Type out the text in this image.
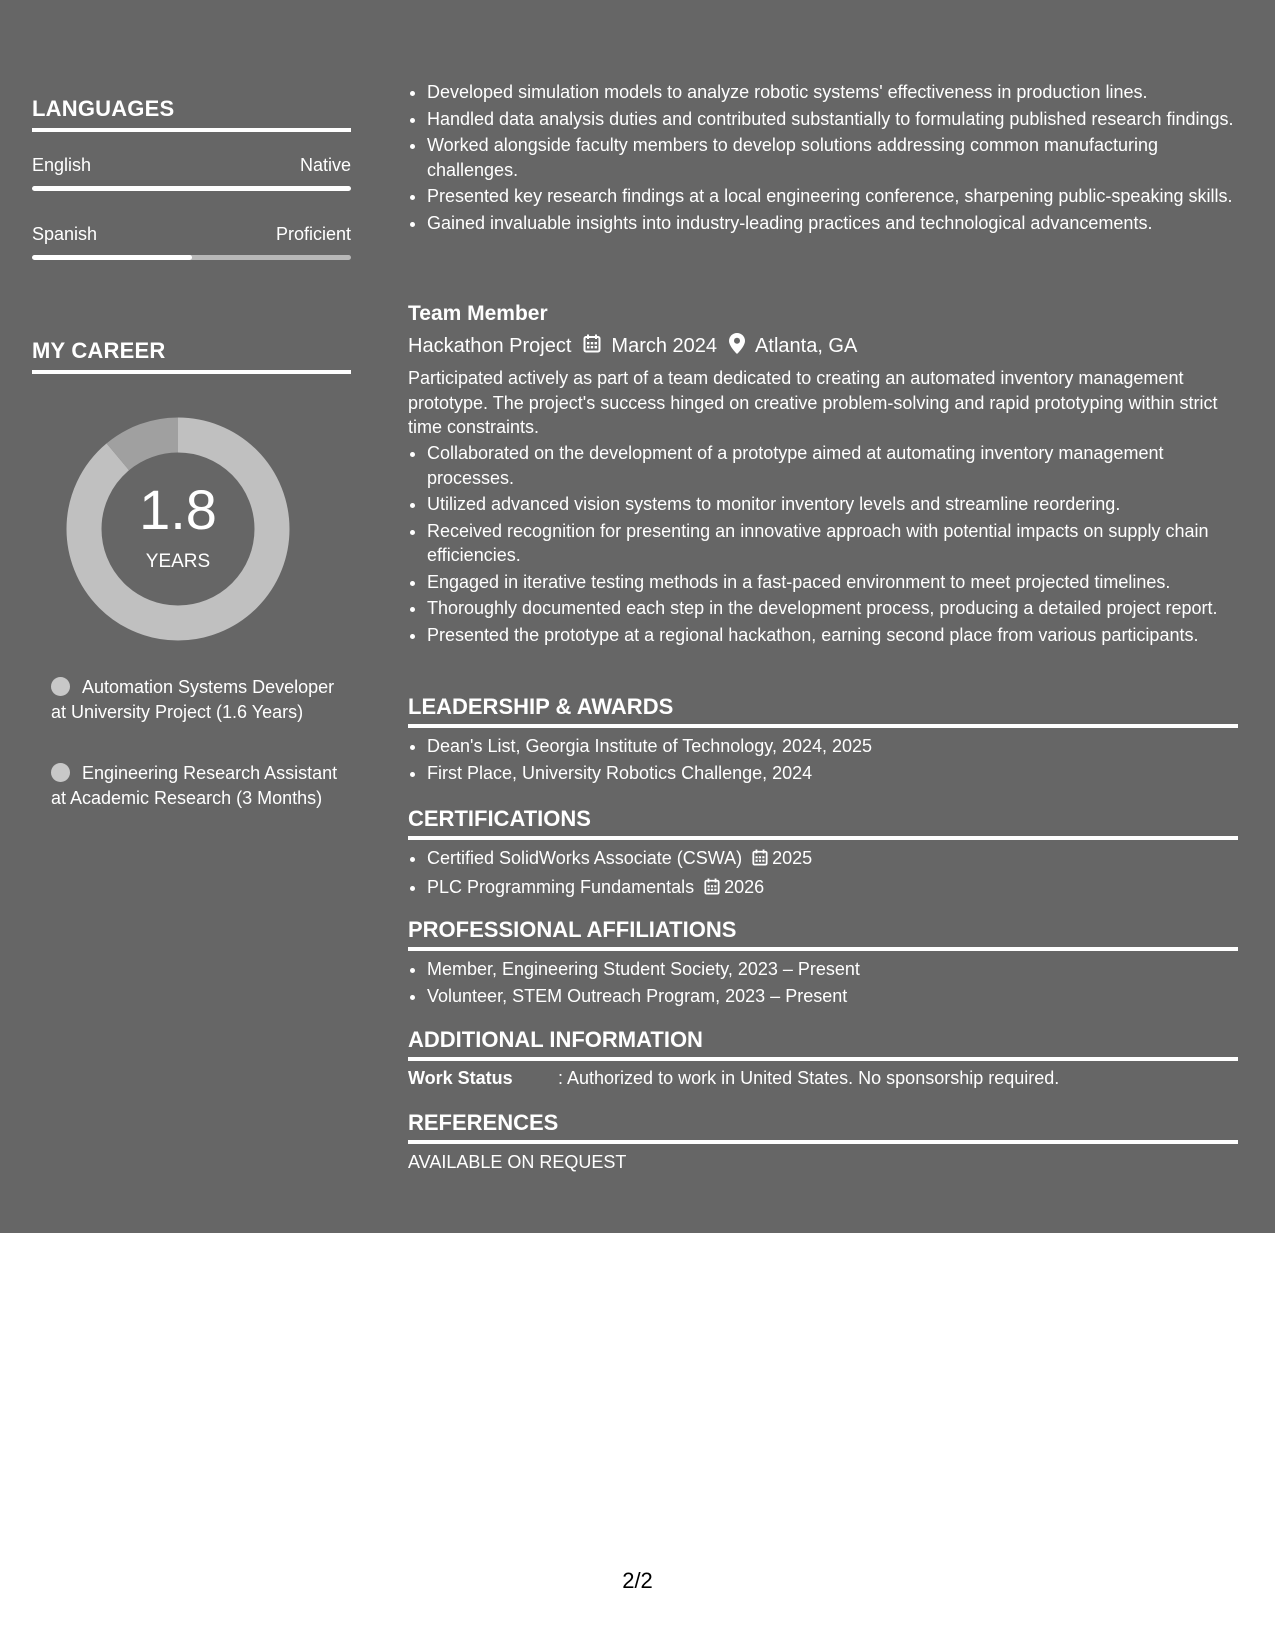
LANGUAGES
English	Native
Spanish	Proficient
MY CAREER
1.8
YEARS
Automation Systems Developer at University Project (1.6 Years)
Engineering Research Assistant at Academic Research (3 Months)
• Developed simulation models to analyze robotic systems' effectiveness in production lines.
• Handled data analysis duties and contributed substantially to formulating published research findings.
• Worked alongside faculty members to develop solutions addressing common manufacturing challenges.
• Presented key research findings at a local engineering conference, sharpening public-speaking skills.
• Gained invaluable insights into industry-leading practices and technological advancements.
Team Member
Hackathon Project March 2024 Atlanta, GA
Participated actively as part of a team dedicated to creating an automated inventory management prototype. The project's success hinged on creative problem-solving and rapid prototyping within strict time constraints.
• Collaborated on the development of a prototype aimed at automating inventory management processes.
• Utilized advanced vision systems to monitor inventory levels and streamline reordering.
• Received recognition for presenting an innovative approach with potential impacts on supply chain efficiencies.
• Engaged in iterative testing methods in a fast-paced environment to meet projected timelines.
• Thoroughly documented each step in the development process, producing a detailed project report.
• Presented the prototype at a regional hackathon, earning second place from various participants.
LEADERSHIP & AWARDS
• Dean's List, Georgia Institute of Technology, 2024, 2025
• First Place, University Robotics Challenge, 2024
CERTIFICATIONS
• Certified SolidWorks Associate (CSWA) 2025
• PLC Programming Fundamentals 2026
PROFESSIONAL AFFILIATIONS
• Member, Engineering Student Society, 2023 – Present
• Volunteer, STEM Outreach Program, 2023 – Present
ADDITIONAL INFORMATION
Work Status	: Authorized to work in United States. No sponsorship required.
REFERENCES
AVAILABLE ON REQUEST
2/2
